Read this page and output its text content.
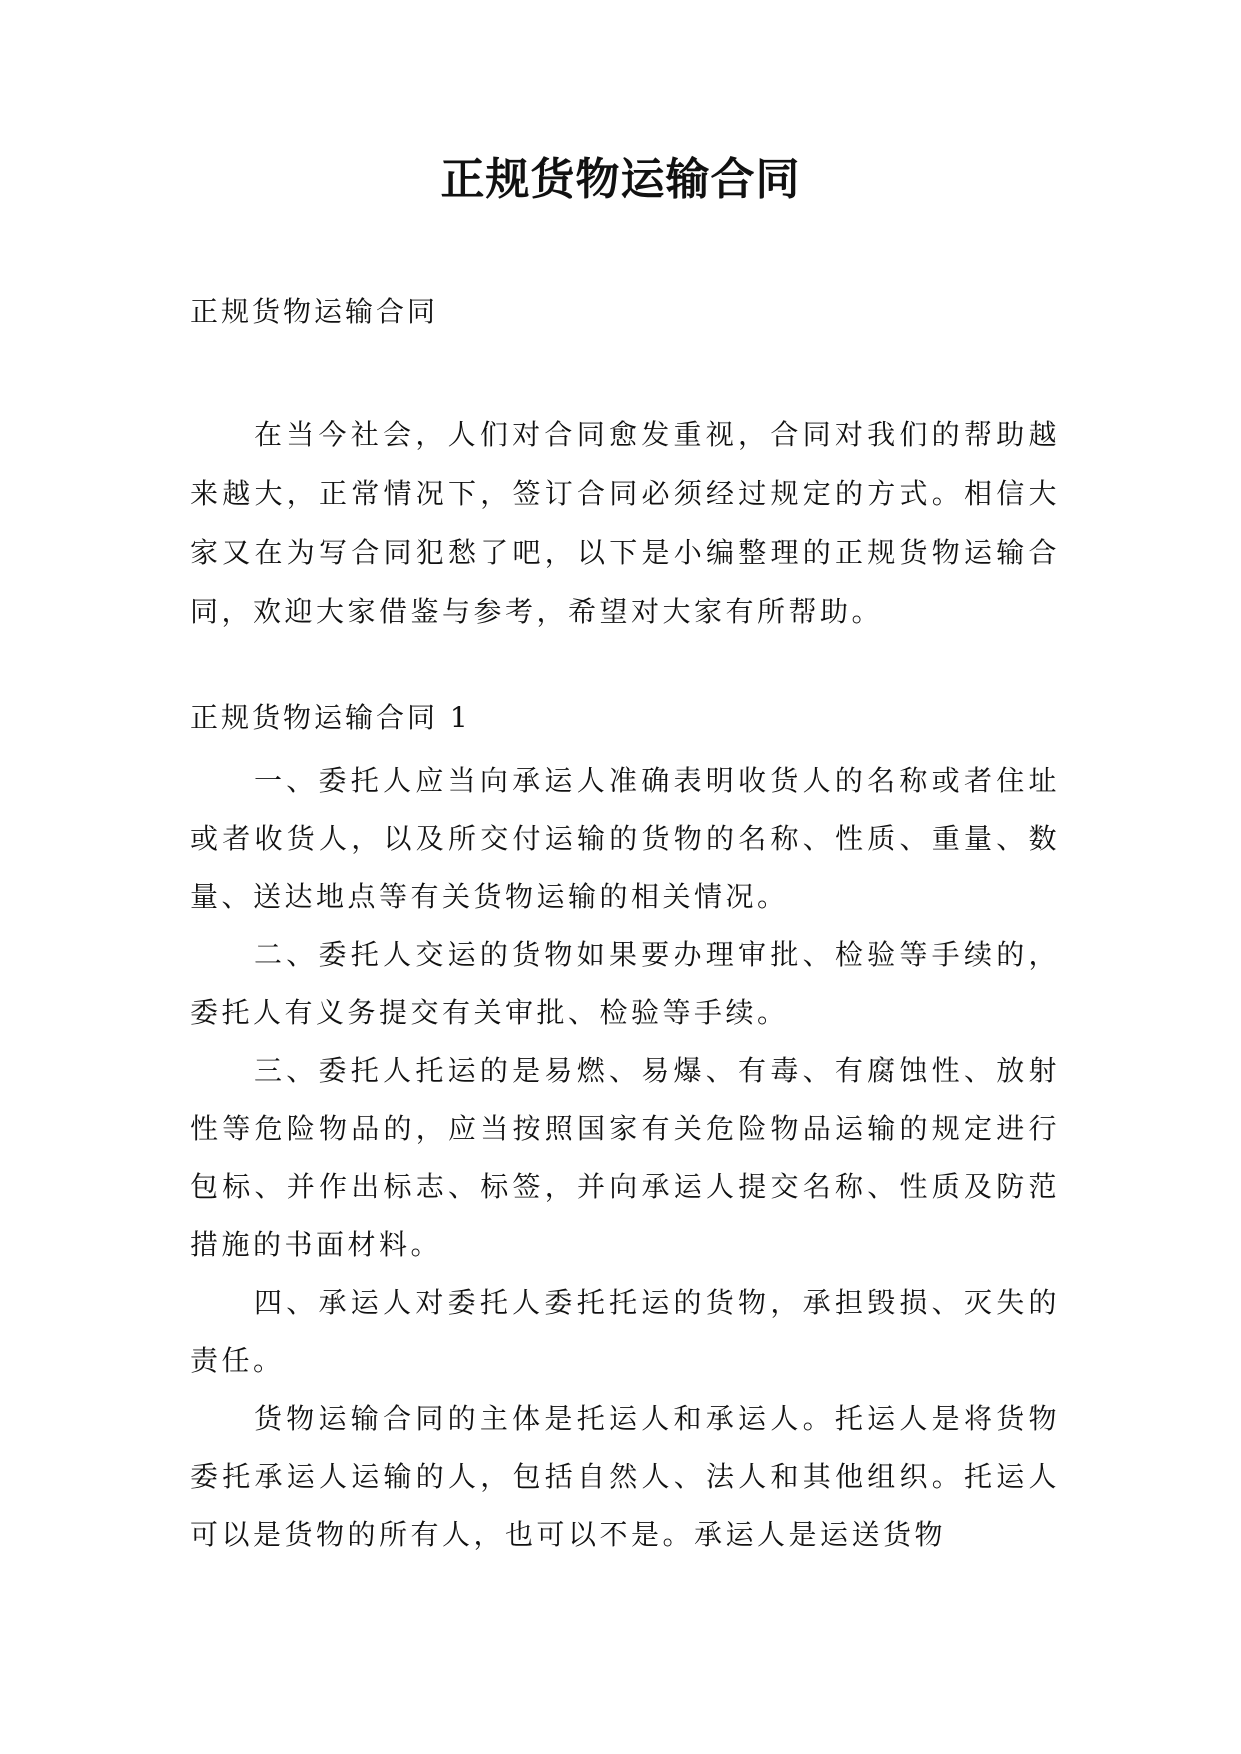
正规货物运输合同

正规货物运输合同

在当今社会，人们对合同愈发重视，合同对我们的帮助越来越大，正常情况下，签订合同必须经过规定的方式。相信大家又在为写合同犯愁了吧，以下是小编整理的正规货物运输合同，欢迎大家借鉴与参考，希望对大家有所帮助。

正规货物运输合同 1

一、委托人应当向承运人准确表明收货人的名称或者住址或者收货人，以及所交付运输的货物的名称、性质、重量、数量、送达地点等有关货物运输的相关情况。

二、委托人交运的货物如果要办理审批、检验等手续的，委托人有义务提交有关审批、检验等手续。

三、委托人托运的是易燃、易爆、有毒、有腐蚀性、放射性等危险物品的，应当按照国家有关危险物品运输的规定进行包标、并作出标志、标签，并向承运人提交名称、性质及防范措施的书面材料。

四、承运人对委托人委托托运的货物，承担毁损、灭失的责任。

货物运输合同的主体是托运人和承运人。托运人是将货物委托承运人运输的人，包括自然人、法人和其他组织。托运人可以是货物的所有人，也可以不是。承运人是运送货物
